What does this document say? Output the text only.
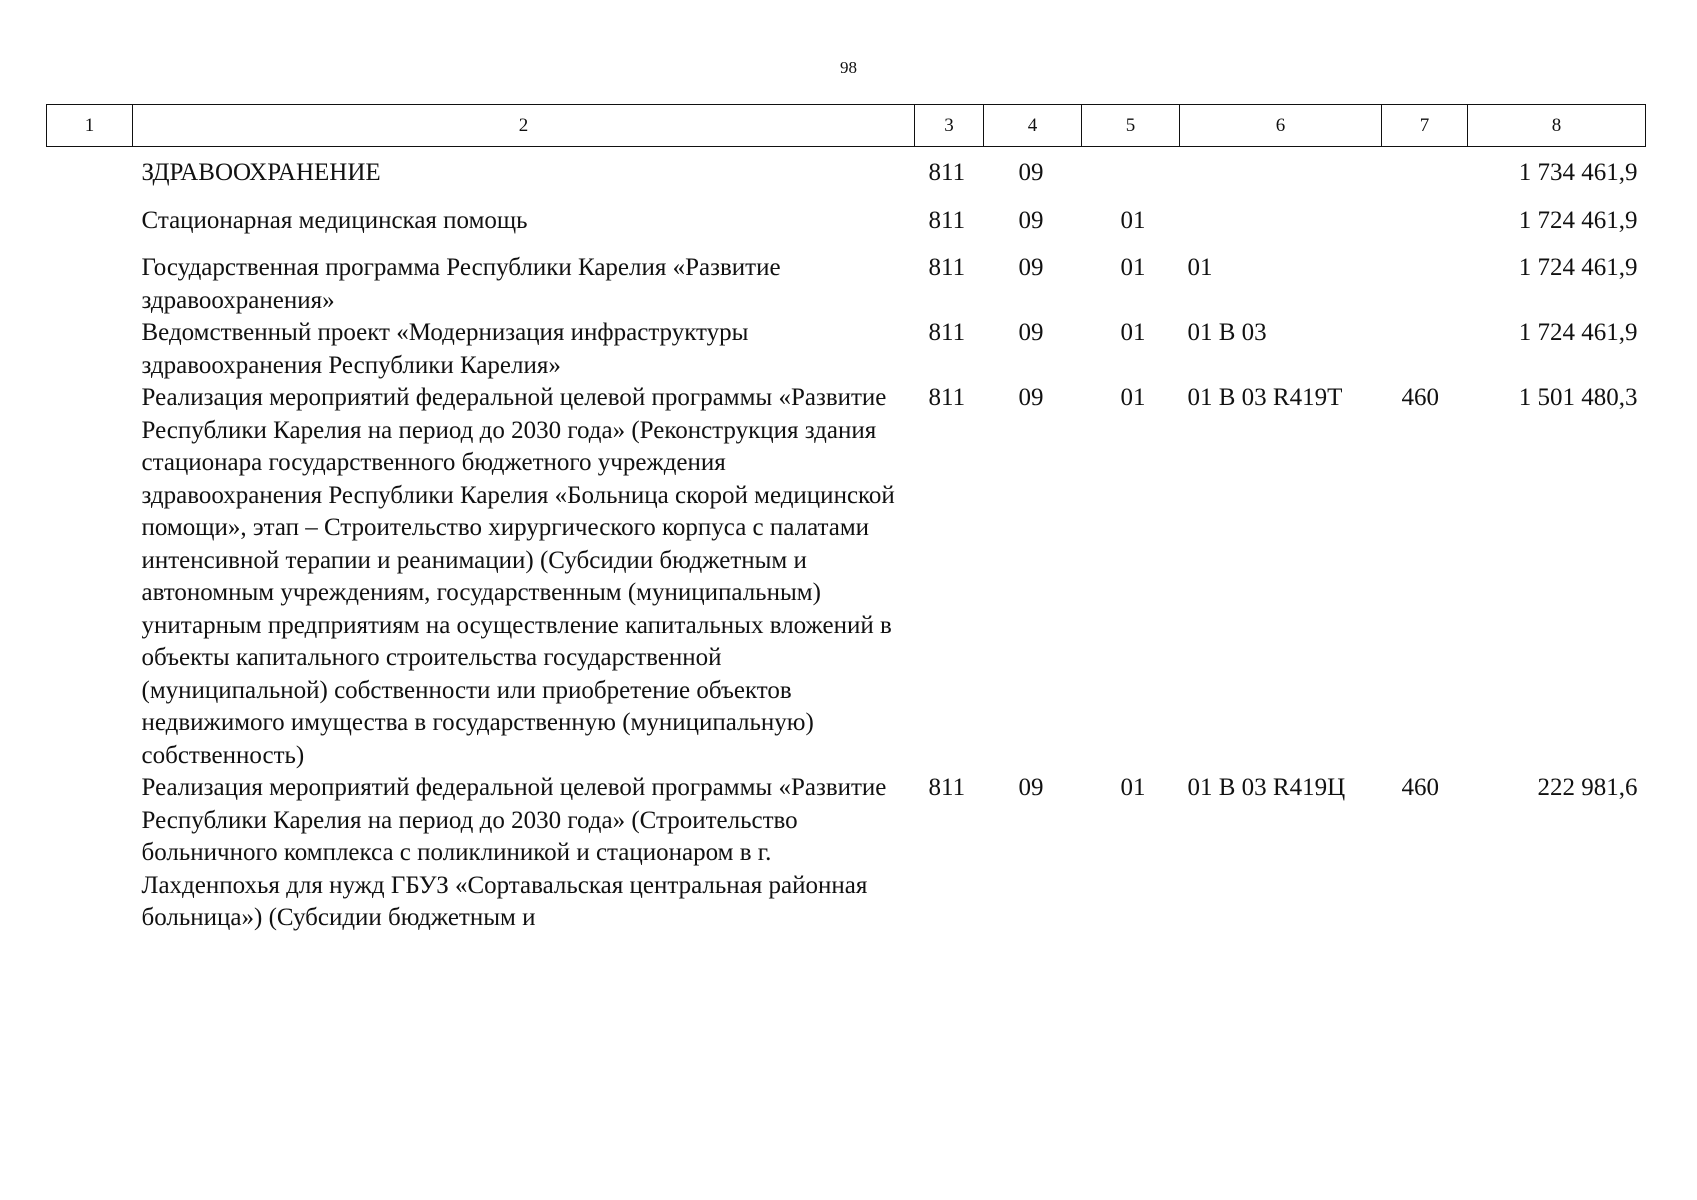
98
1	2	3	4	5	6	7	8
	ЗДРАВООХРАНЕНИЕ	811	09				1 734 461,9
	Стационарная медицинская помощь	811	09	01			1 724 461,9
	Государственная программа Республики Карелия «Развитие здравоохранения»	811	09	01	01		1 724 461,9
	Ведомственный проект «Модернизация инфраструктуры здравоохранения Республики Карелия»	811	09	01	01 В 03		1 724 461,9
	Реализация мероприятий федеральной целевой программы «Развитие Республики Карелия на период до 2030 года» (Реконструкция здания стационара государственного бюджетного учреждения здравоохранения Республики Карелия «Больница скорой медицинской помощи», этап – Строительство хирургического корпуса с палатами интенсивной терапии и реанимации) (Субсидии бюджетным и автономным учреждениям, государственным (муниципальным) унитарным предприятиям на осуществление капитальных вложений в объекты капитального строительства государственной (муниципальной) собственности или приобретение объектов недвижимого имущества в государственную (муниципальную) собственность)	811	09	01	01 В 03 R419Т	460	1 501 480,3
	Реализация мероприятий федеральной целевой программы «Развитие Республики Карелия на период до 2030 года» (Строительство больничного комплекса с поликлиникой и стационаром в г. Лахденпохья для нужд ГБУЗ «Сортавальская центральная районная больница») (Субсидии бюджетным и	811	09	01	01 В 03 R419Ц	460	222 981,6
